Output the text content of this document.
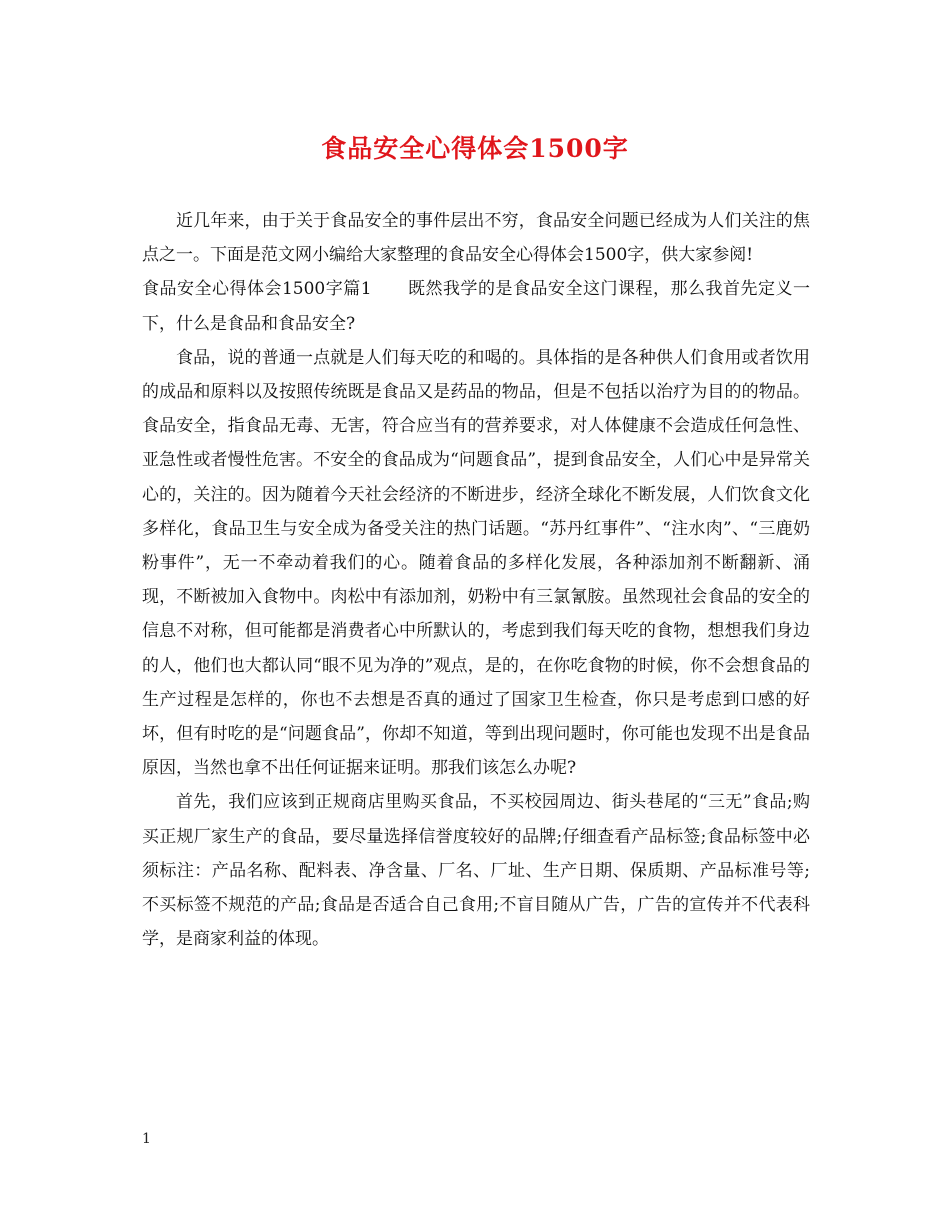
食品安全心得体会1500字

近几年来，由于关于食品安全的事件层出不穷，食品安全问题已经成为人们关注的焦点之一。下面是范文网小编给大家整理的食品安全心得体会1500字，供大家参阅!

食品安全心得体会1500字篇1 既然我学的是食品安全这门课程，那么我首先定义一下，什么是食品和食品安全?

食品，说的普通一点就是人们每天吃的和喝的。具体指的是各种供人们食用或者饮用的成品和原料以及按照传统既是食品又是药品的物品，但是不包括以治疗为目的的物品。食品安全，指食品无毒、无害，符合应当有的营养要求，对人体健康不会造成任何急性、亚急性或者慢性危害。不安全的食品成为“问题食品”，提到食品安全，人们心中是异常关心的，关注的。因为随着今天社会经济的不断进步，经济全球化不断发展，人们饮食文化多样化，食品卫生与安全成为备受关注的热门话题。“苏丹红事件”、“注水肉”、“三鹿奶粉事件”，无一不牵动着我们的心。随着食品的多样化发展，各种添加剂不断翻新、涌现，不断被加入食物中。肉松中有添加剂，奶粉中有三氯氰胺。虽然现社会食品的安全的信息不对称，但可能都是消费者心中所默认的，考虑到我们每天吃的食物，想想我们身边的人，他们也大都认同“眼不见为净的”观点，是的，在你吃食物的时候，你不会想食品的生产过程是怎样的，你也不去想是否真的通过了国家卫生检查，你只是考虑到口感的好坏，但有时吃的是“问题食品”，你却不知道，等到出现问题时，你可能也发现不出是食品原因，当然也拿不出任何证据来证明。那我们该怎么办呢?

首先，我们应该到正规商店里购买食品，不买校园周边、街头巷尾的“三无”食品;购买正规厂家生产的食品，要尽量选择信誉度较好的品牌;仔细查看产品标签;食品标签中必须标注：产品名称、配料表、净含量、厂名、厂址、生产日期、保质期、产品标准号等;不买标签不规范的产品;食品是否适合自己食用;不盲目随从广告，广告的宣传并不代表科学，是商家利益的体现。

1
